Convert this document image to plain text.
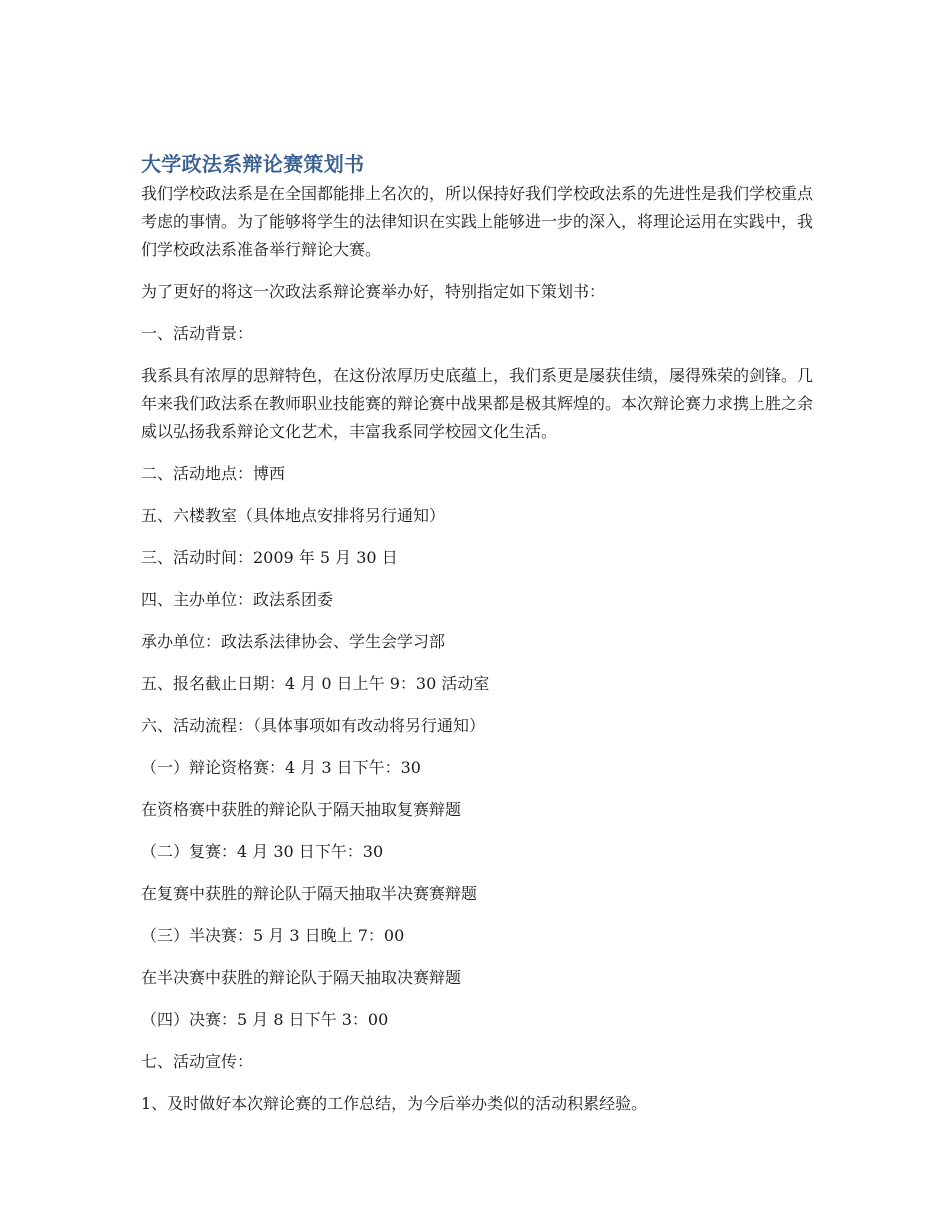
大学政法系辩论赛策划书

我们学校政法系是在全国都能排上名次的，所以保持好我们学校政法系的先进性是我们学校重点考虑的事情。为了能够将学生的法律知识在实践上能够进一步的深入，将理论运用在实践中，我们学校政法系准备举行辩论大赛。

为了更好的将这一次政法系辩论赛举办好，特别指定如下策划书：

一、活动背景：

我系具有浓厚的思辩特色，在这份浓厚历史底蕴上，我们系更是屡获佳绩，屡得殊荣的剑锋。几年来我们政法系在教师职业技能赛的辩论赛中战果都是极其辉煌的。本次辩论赛力求携上胜之余威以弘扬我系辩论文化艺术，丰富我系同学校园文化生活。

二、活动地点：博西

五、六楼教室（具体地点安排将另行通知）

三、活动时间：2009 年 5 月 30 日

四、主办单位：政法系团委

承办单位：政法系法律协会、学生会学习部

五、报名截止日期：4 月 0 日上午 9：30 活动室

六、活动流程：（具体事项如有改动将另行通知）

（一）辩论资格赛：4 月 3 日下午：30

在资格赛中获胜的辩论队于隔天抽取复赛辩题

（二）复赛：4 月 30 日下午：30

在复赛中获胜的辩论队于隔天抽取半决赛赛辩题

（三）半决赛：5 月 3 日晚上 7：00

在半决赛中获胜的辩论队于隔天抽取决赛辩题

（四）决赛：5 月 8 日下午 3：00

七、活动宣传：

1、及时做好本次辩论赛的工作总结，为今后举办类似的活动积累经验。
